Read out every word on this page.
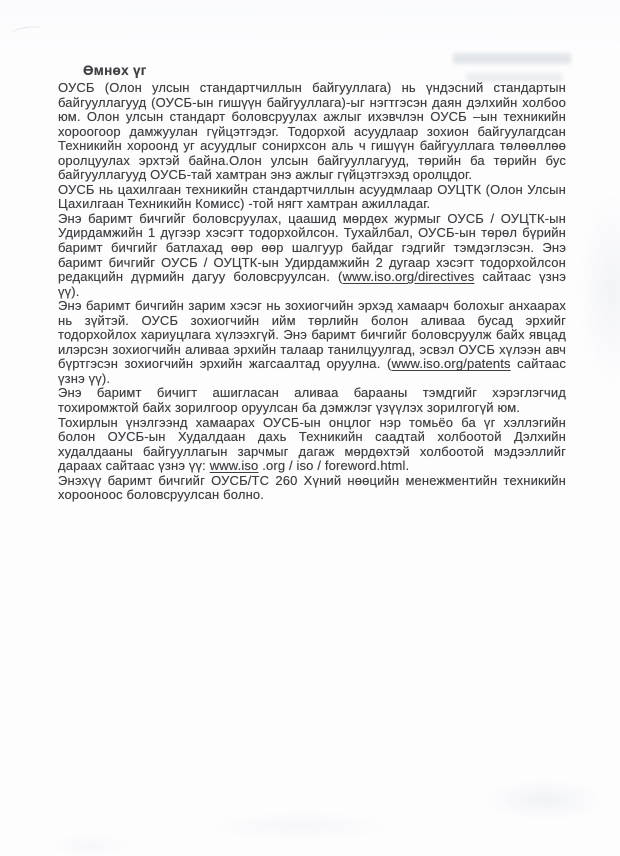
Өмнөх үг

ОУСБ (Олон улсын стандартчиллын байгууллага) нь үндэсний стандартын байгууллагууд (ОУСБ-ын гишүүн байгууллага)-ыг нэгтгэсэн даян дэлхийн холбоо юм. Олон улсын стандарт боловсруулах ажлыг ихэвчлэн ОУСБ –ын техникийн хороогоор дамжуулан гүйцэтгэдэг. Тодорхой асуудлаар зохион байгуулагдсан Техникийн хороонд уг асуудлыг сонирхсон аль ч гишүүн байгууллага төлөөллөө оролцуулах эрхтэй байна.Олон улсын байгууллагууд, төрийн ба төрийн бус байгууллагууд ОУСБ-тай хамтран энэ ажлыг гүйцэтгэхэд оролцдог.

ОУСБ нь цахилгаан техникийн стандартчиллын асуудмлаар ОУЦТК (Олон Улсын Цахилгаан Техникийн Комисс) -той нягт хамтран ажилладаг.

Энэ баримт бичгийг боловсруулах, цаашид мөрдөх журмыг ОУСБ / ОУЦТК-ын Удирдамжийн 1 дүгээр хэсэгт тодорхойлсон. Тухайлбал, ОУСБ-ын төрөл бүрийн баримт бичгийг батлахад өөр өөр шалгуур байдаг гэдгийг тэмдэглэсэн. Энэ баримт бичгийг ОУСБ / ОУЦТК-ын Удирдамжийн 2 дугаар хэсэгт тодорхойлсон редакцийн дүрмийн дагуу боловсруулсан. (www.iso.org/directives сайтаас үзнэ үү).

Энэ баримт бичгийн зарим хэсэг нь зохиогчийн эрхэд хамаарч болохыг анхаарах нь зүйтэй. ОУСБ зохиогчийн ийм төрлийн болон аливаа бусад эрхийг тодорхойлох хариуцлага хүлээхгүй. Энэ баримт бичгийг боловсруулж байх явцад илэрсэн зохиогчийн аливаа эрхийн талаар танилцуулгад, эсвэл ОУСБ хүлээн авч бүртгэсэн зохиогчийн эрхийн жагсаалтад оруулна. (www.iso.org/patents сайтаас үзнэ үү).

Энэ баримт бичигт ашигласан аливаа барааны тэмдгийг хэрэглэгчид тохиромжтой байх зорилгоор оруулсан ба дэмжлэг үзүүлэх зорилгогүй юм.

Тохирлын үнэлгээнд хамаарах ОУСБ-ын онцлог нэр томьёо ба үг хэллэгийн болон ОУСБ-ын Худалдаан дахь Техникийн саадтай холбоотой Дэлхийн худалдааны байгууллагын зарчмыг дагаж мөрдөхтэй холбоотой мэдээллийг дараах сайтаас үзнэ үү: www.iso .org / iso / foreword.html.

Энэхүү баримт бичгийг ОУСБ/ТС 260 Хүний нөөцийн менежментийн техникийн хорооноос боловсруулсан болно.
